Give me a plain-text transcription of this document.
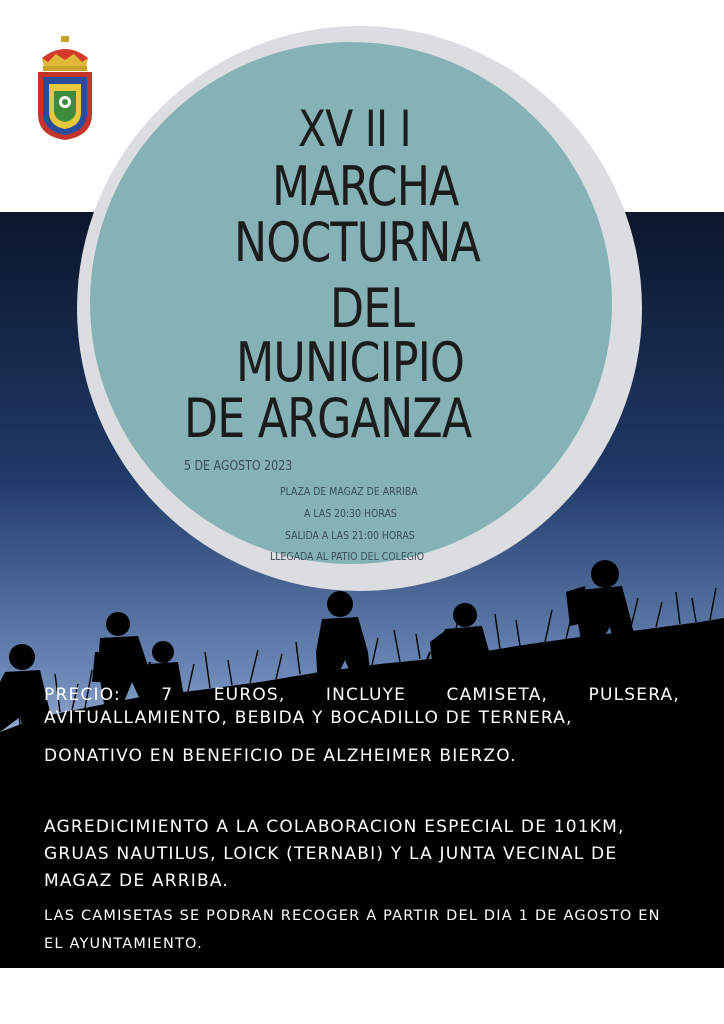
XV II I
MARCHA
NOCTURNA
DEL
MUNICIPIO
DE ARGANZA
5 DE AGOSTO 2023
PLAZA DE MAGAZ DE ARRIBA
A LAS 20:30 HORAS
SALIDA A LAS 21:00 HORAS
LLEGADA AL PATIO DEL COLEGIO
PRECIO: 7 EUROS, INCLUYE CAMISETA, PULSERA, AVITUALLAMIENTO, BEBIDA Y BOCADILLO DE TERNERA,
DONATIVO EN BENEFICIO DE ALZHEIMER BIERZO.
AGREDICIMIENTO A LA COLABORACION ESPECIAL DE 101KM, GRUAS NAUTILUS, LOICK (TERNABI) Y LA JUNTA VECINAL DE MAGAZ DE ARRIBA.
LAS CAMISETAS SE PODRAN RECOGER A PARTIR DEL DIA 1 DE AGOSTO EN EL AYUNTAMIENTO.
